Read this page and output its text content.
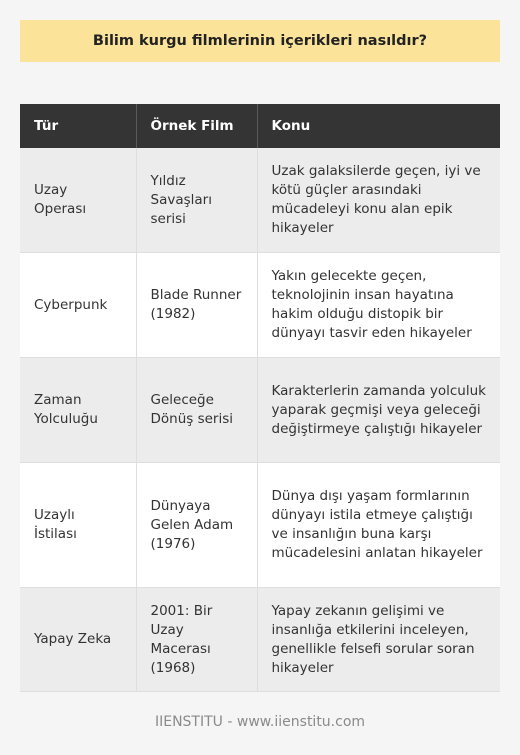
Bilim kurgu filmlerinin içerikleri nasıldır?
Tür	Örnek Film	Konu
Uzay Operası	Yıldız Savaşları serisi	Uzak galaksilerde geçen, iyi ve kötü güçler arasındaki mücadeleyi konu alan epik hikayeler
Cyberpunk	Blade Runner (1982)	Yakın gelecekte geçen, teknolojinin insan hayatına hakim olduğu distopik bir dünyayı tasvir eden hikayeler
Zaman Yolculuğu	Geleceğe Dönüş serisi	Karakterlerin zamanda yolculuk yaparak geçmişi veya geleceği değiştirmeye çalıştığı hikayeler
Uzaylı İstilası	Dünyaya Gelen Adam (1976)	Dünya dışı yaşam formlarının dünyayı istila etmeye çalıştığı ve insanlığın buna karşı mücadelesini anlatan hikayeler
Yapay Zeka	2001: Bir Uzay Macerası (1968)	Yapay zekanın gelişimi ve insanlığa etkilerini inceleyen, genellikle felsefi sorular soran hikayeler
IIENSTITU - www.iienstitu.com
